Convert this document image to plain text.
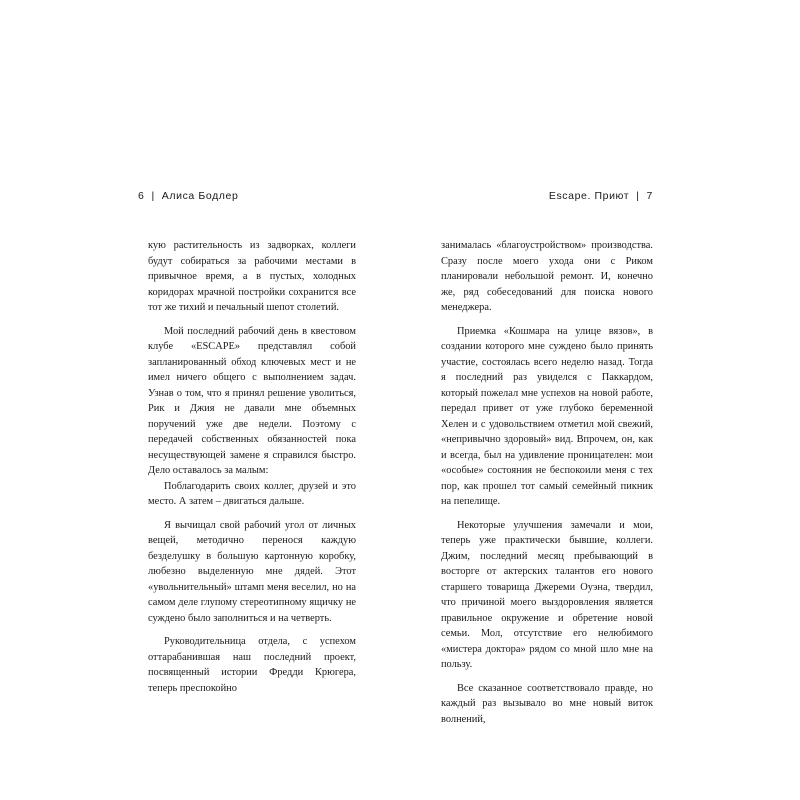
6 | Алиса Бодлер

кую растительность из задворках, коллеги будут собираться за рабочими местами в привычное время, а в пустых, холодных коридорах мрачной постройки сохранится все тот же тихий и печальный шепот столетий.

Мой последний рабочий день в квестовом клубе «ESCAPE» представлял собой запланированный обход ключевых мест и не имел ничего общего с выполнением задач. Узнав о том, что я принял решение уволиться, Рик и Джия не давали мне объемных поручений уже две недели. Поэтому с передачей собственных обязанностей пока несуществующей замене я справился быстро. Дело оставалось за малым:

Поблагодарить своих коллег, друзей и это место. А затем – двигаться дальше.

Я вычищал свой рабочий угол от личных вещей, методично перенося каждую безделушку в большую картонную коробку, любезно выделенную мне дядей. Этот «увольнительный» штамп меня веселил, но на самом деле глупому стереотипному ящичку не суждено было заполниться и на четверть.

Руководительница отдела, с успехом оттарабанившая наш последний проект, посвященный истории Фредди Крюгера, теперь преспокойно

Escape. Приют | 7

занималась «благоустройством» производства. Сразу после моего ухода они с Риком планировали небольшой ремонт. И, конечно же, ряд собеседований для поиска нового менеджера.

Приемка «Кошмара на улице вязов», в создании которого мне суждено было принять участие, состоялась всего неделю назад. Тогда я последний раз увиделся с Паккардом, который пожелал мне успехов на новой работе, передал привет от уже глубоко беременной Хелен и с удовольствием отметил мой свежий, «непривычно здоровый» вид. Впрочем, он, как и всегда, был на удивление проницателен: мои «особые» состояния не беспокоили меня с тех пор, как прошел тот самый семейный пикник на пепелище.

Некоторые улучшения замечали и мои, теперь уже практически бывшие, коллеги. Джим, последний месяц пребывающий в восторге от актерских талантов его нового старшего товарища Джереми Оуэна, твердил, что причиной моего выздоровления является правильное окружение и обретение новой семьи. Мол, отсутствие его нелюбимого «мистера доктора» рядом со мной шло мне на пользу.

Все сказанное соответствовало правде, но каждый раз вызывало во мне новый виток волнений,
